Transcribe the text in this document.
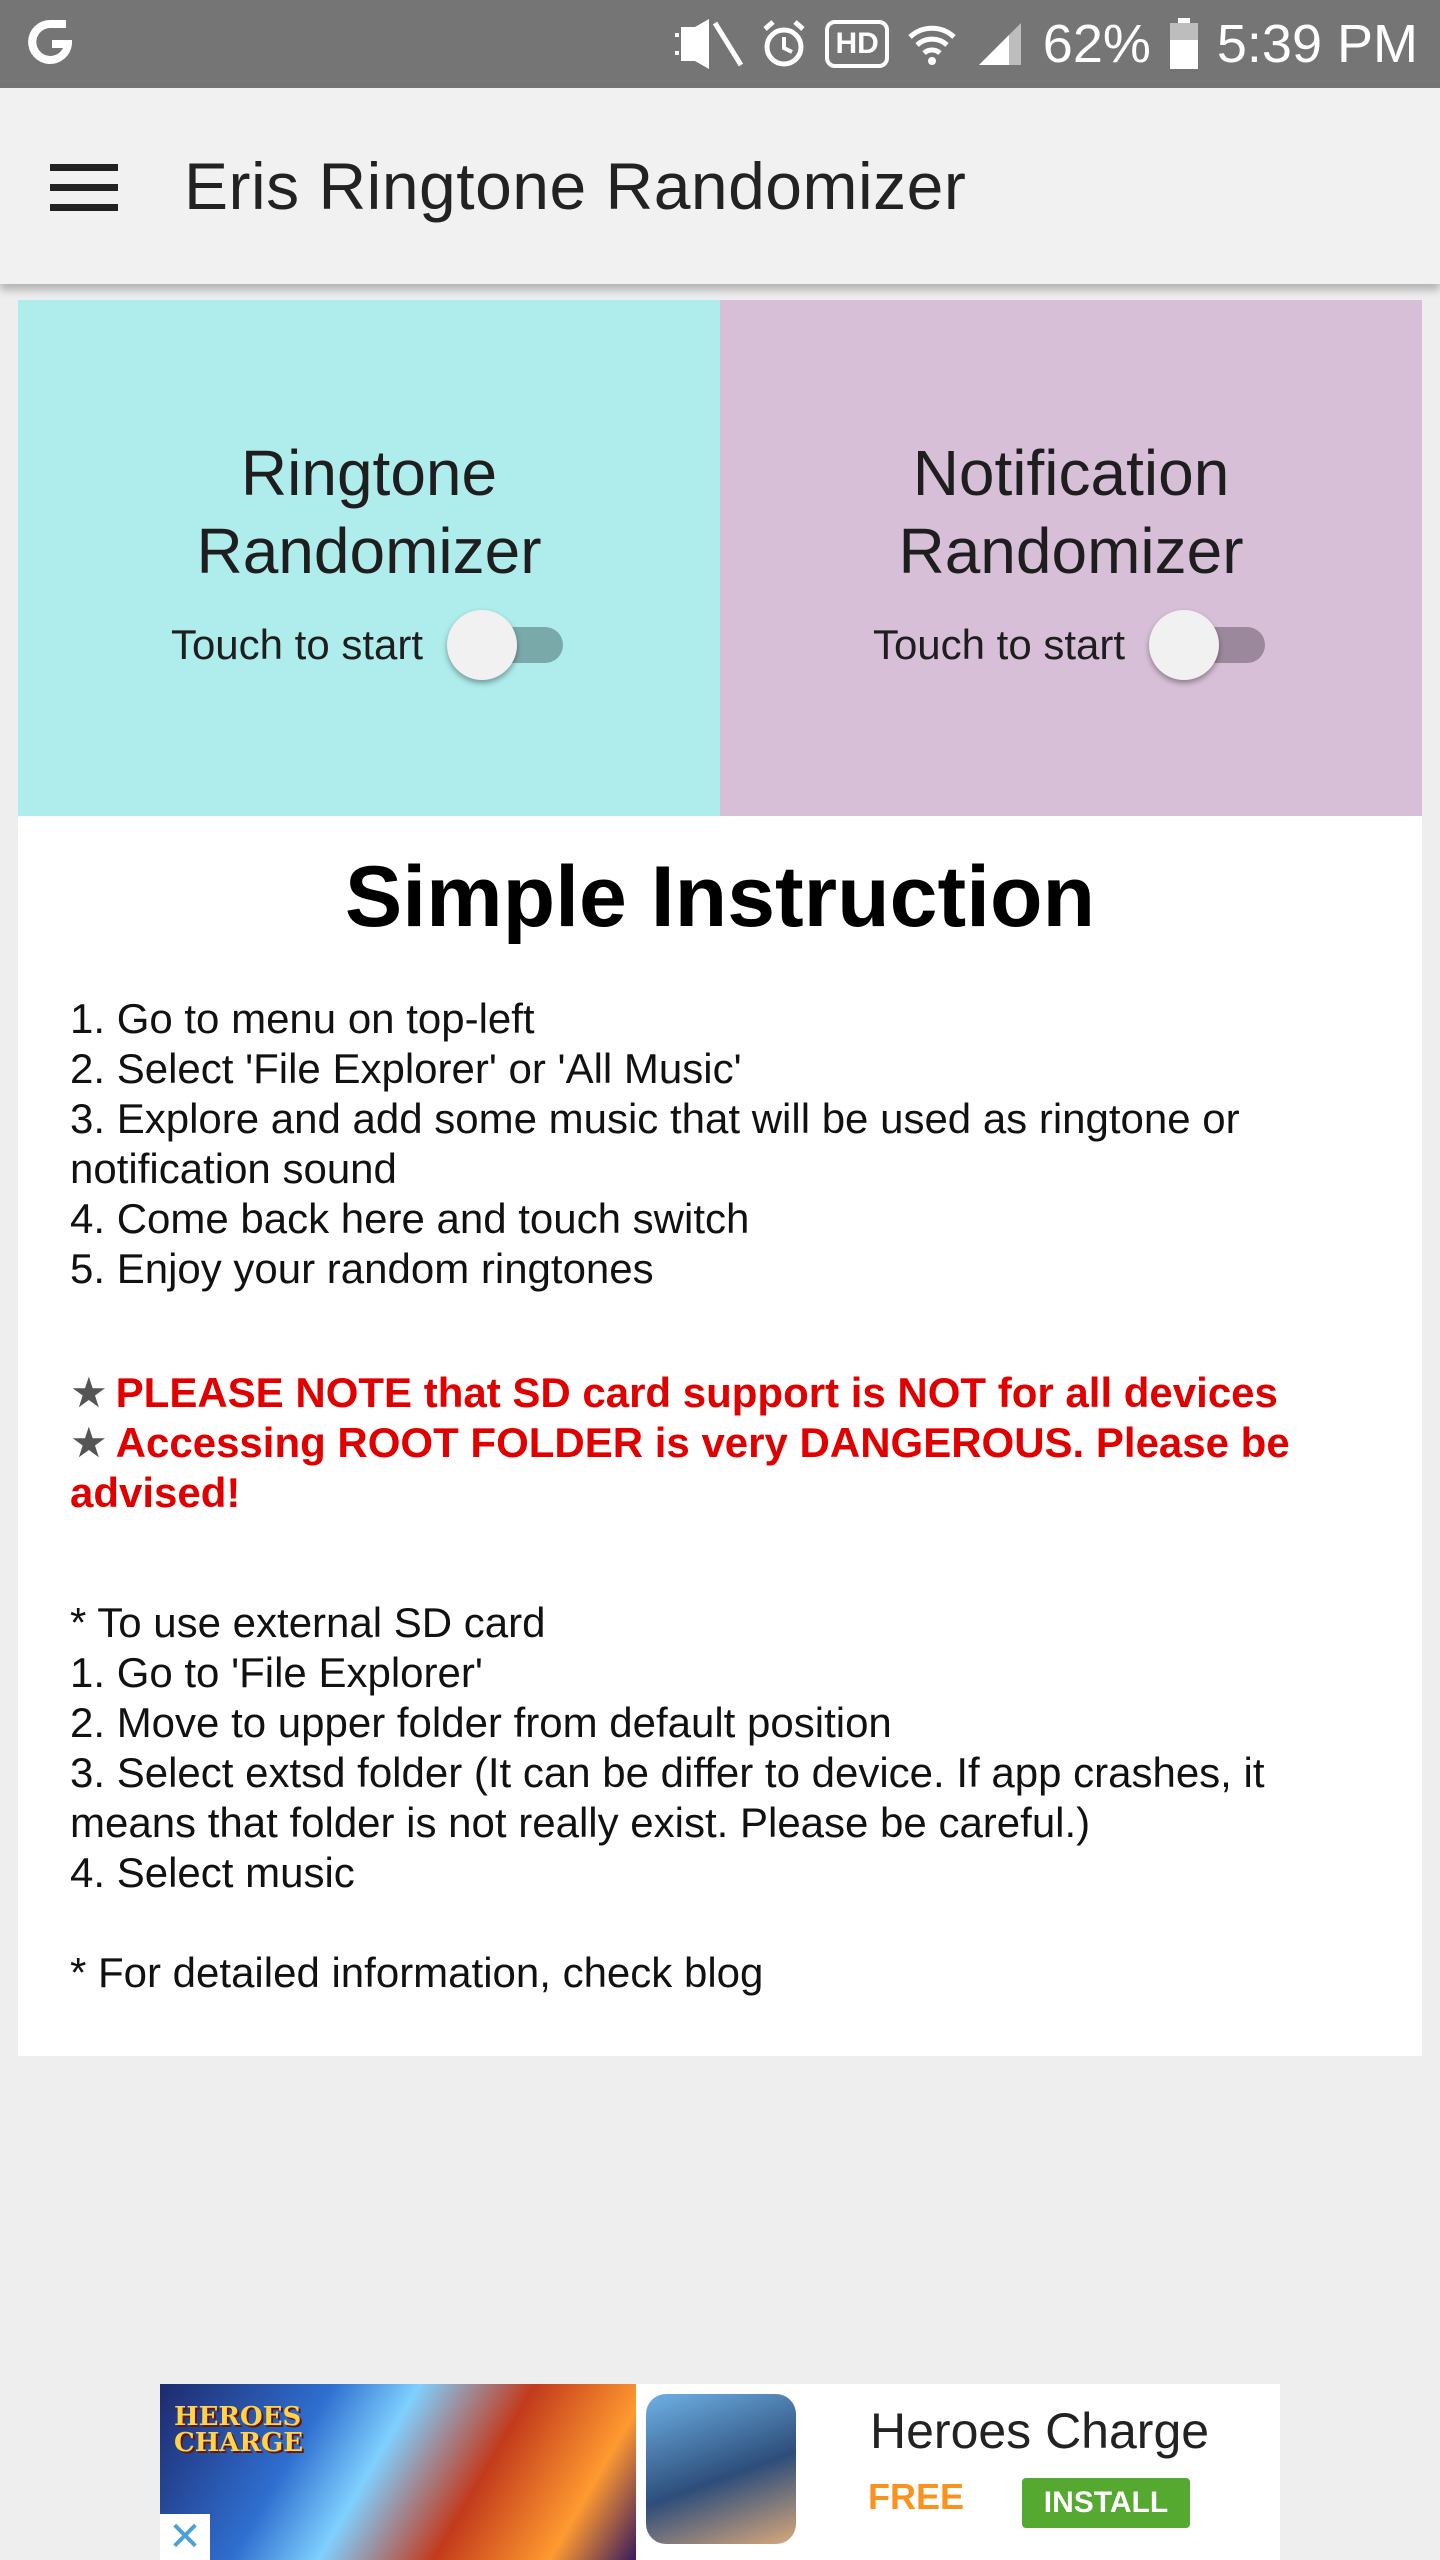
HD	62% 5:39 PM
Eris Ringtone Randomizer
Ringtone
Randomizer
Touch to start
Notification
Randomizer
Touch to start
Simple Instruction
1. Go to menu on top-left
2. Select 'File Explorer' or 'All Music'
3. Explore and add some music that will be used as ringtone or notification sound
4. Come back here and touch switch
5. Enjoy your random ringtones
★ PLEASE NOTE that SD card support is NOT for all devices
★ Accessing ROOT FOLDER is very DANGEROUS. Please be advised!
* To use external SD card
1. Go to 'File Explorer'
2. Move to upper folder from default position
3. Select extsd folder (It can be differ to device. If app crashes, it means that folder is not really exist. Please be careful.)
4. Select music
* For detailed information, check blog
HEROES CHARGE	Heroes Charge
FREE	INSTALL
✕
